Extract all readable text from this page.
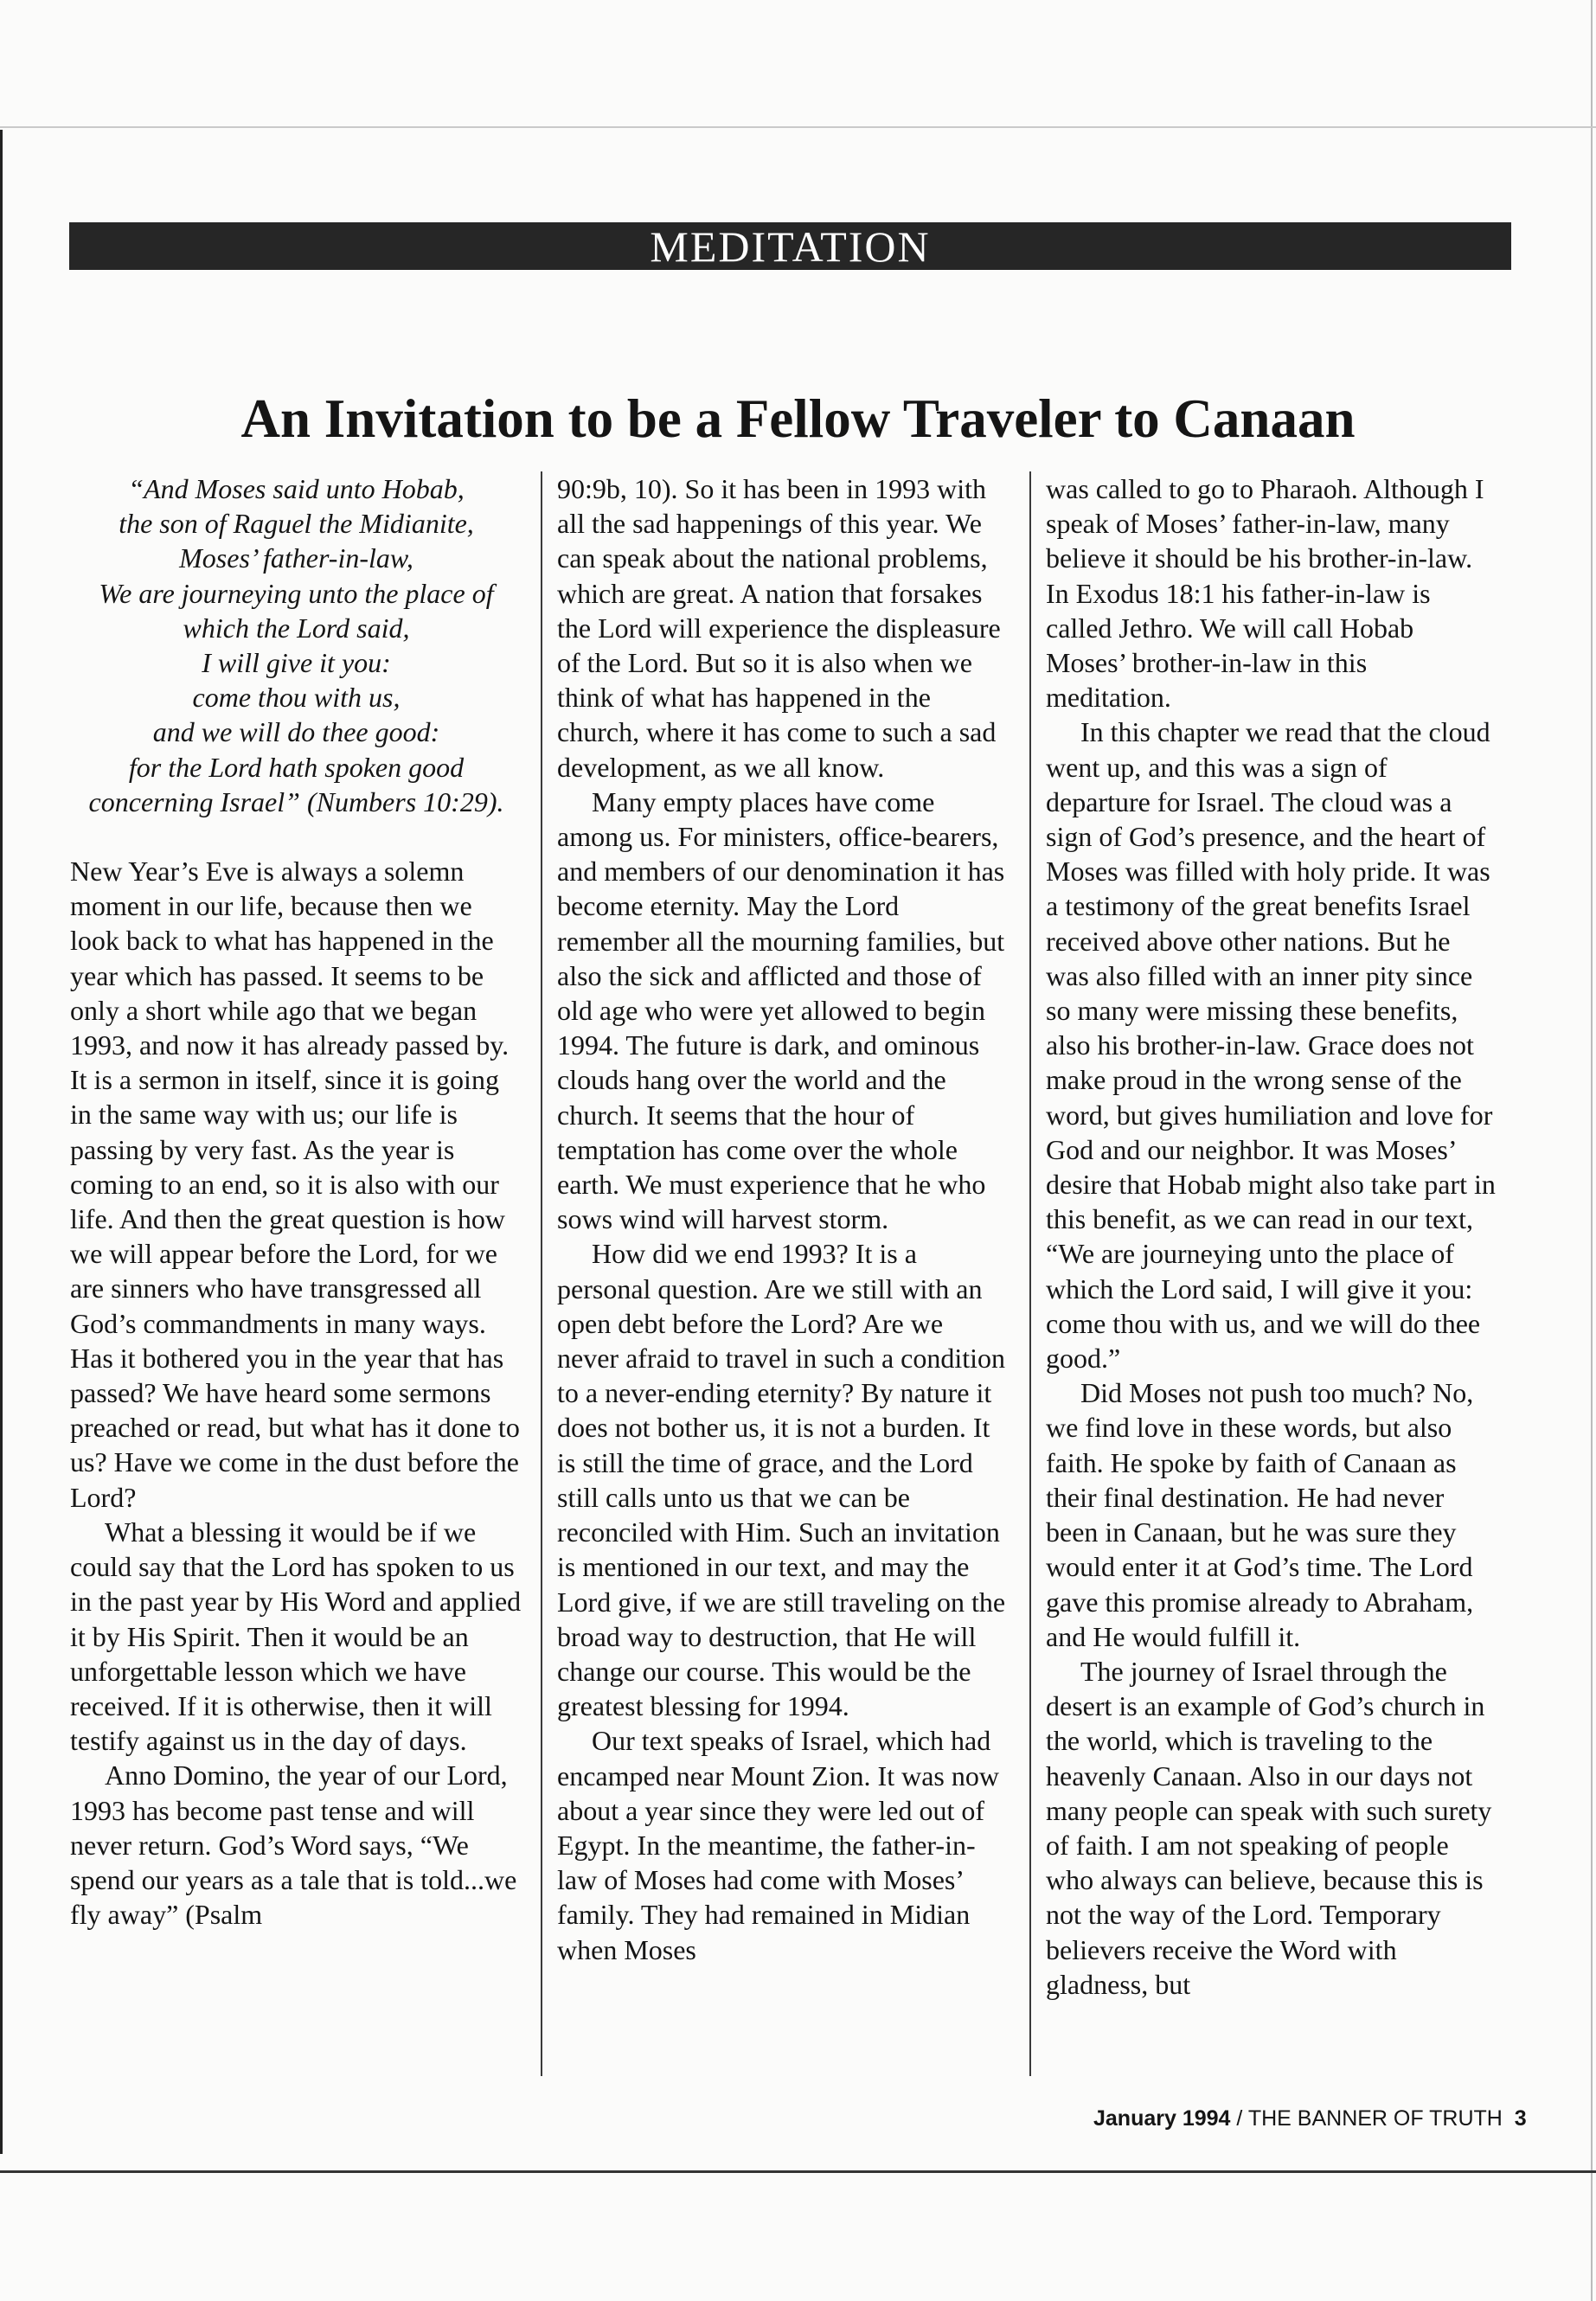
MEDITATION
An Invitation to be a Fellow Traveler to Canaan

“And Moses said unto Hobab,
the son of Raguel the Midianite,
Moses’ father-in-law,
We are journeying unto the place of
which the Lord said,
I will give it you:
come thou with us,
and we will do thee good:
for the Lord hath spoken good
concerning Israel” (Numbers 10:29).

New Year’s Eve is always a solemn moment in our life, because then we look back to what has happened in the year which has passed. It seems to be only a short while ago that we began 1993, and now it has already passed by. It is a sermon in itself, since it is going in the same way with us; our life is passing by very fast. As the year is coming to an end, so it is also with our life. And then the great question is how we will appear before the Lord, for we are sinners who have transgressed all God’s commandments in many ways. Has it bothered you in the year that has passed? We have heard some sermons preached or read, but what has it done to us? Have we come in the dust before the Lord?

What a blessing it would be if we could say that the Lord has spoken to us in the past year by His Word and applied it by His Spirit. Then it would be an unforgettable lesson which we have received. If it is otherwise, then it will testify against us in the day of days.

Anno Domino, the year of our Lord, 1993 has become past tense and will never return. God’s Word says, “We spend our years as a tale that is told...we fly away” (Psalm

90:9b, 10). So it has been in 1993 with all the sad happenings of this year. We can speak about the national problems, which are great. A nation that forsakes the Lord will experience the displeasure of the Lord. But so it is also when we think of what has happened in the church, where it has come to such a sad development, as we all know.

Many empty places have come among us. For ministers, office-bearers, and members of our denomination it has become eternity. May the Lord remember all the mourning families, but also the sick and afflicted and those of old age who were yet allowed to begin 1994. The future is dark, and ominous clouds hang over the world and the church. It seems that the hour of temptation has come over the whole earth. We must experience that he who sows wind will harvest storm.

How did we end 1993? It is a personal question. Are we still with an open debt before the Lord? Are we never afraid to travel in such a condition to a never-ending eternity? By nature it does not bother us, it is not a burden. It is still the time of grace, and the Lord still calls unto us that we can be reconciled with Him. Such an invitation is mentioned in our text, and may the Lord give, if we are still traveling on the broad way to destruction, that He will change our course. This would be the greatest blessing for 1994.

Our text speaks of Israel, which had encamped near Mount Zion. It was now about a year since they were led out of Egypt. In the meantime, the father-in-law of Moses had come with Moses’ family. They had remained in Midian when Moses

was called to go to Pharaoh. Although I speak of Moses’ father-in-law, many believe it should be his brother-in-law. In Exodus 18:1 his father-in-law is called Jethro. We will call Hobab Moses’ brother-in-law in this meditation.

In this chapter we read that the cloud went up, and this was a sign of departure for Israel. The cloud was a sign of God’s presence, and the heart of Moses was filled with holy pride. It was a testimony of the great benefits Israel received above other nations. But he was also filled with an inner pity since so many were missing these benefits, also his brother-in-law. Grace does not make proud in the wrong sense of the word, but gives humiliation and love for God and our neighbor. It was Moses’ desire that Hobab might also take part in this benefit, as we can read in our text, “We are journeying unto the place of which the Lord said, I will give it you: come thou with us, and we will do thee good.”

Did Moses not push too much? No, we find love in these words, but also faith. He spoke by faith of Canaan as their final destination. He had never been in Canaan, but he was sure they would enter it at God’s time. The Lord gave this promise already to Abraham, and He would fulfill it.

The journey of Israel through the desert is an example of God’s church in the world, which is traveling to the heavenly Canaan. Also in our days not many people can speak with such surety of faith. I am not speaking of people who always can believe, because this is not the way of the Lord. Temporary believers receive the Word with gladness, but

January 1994 / THE BANNER OF TRUTH 3
